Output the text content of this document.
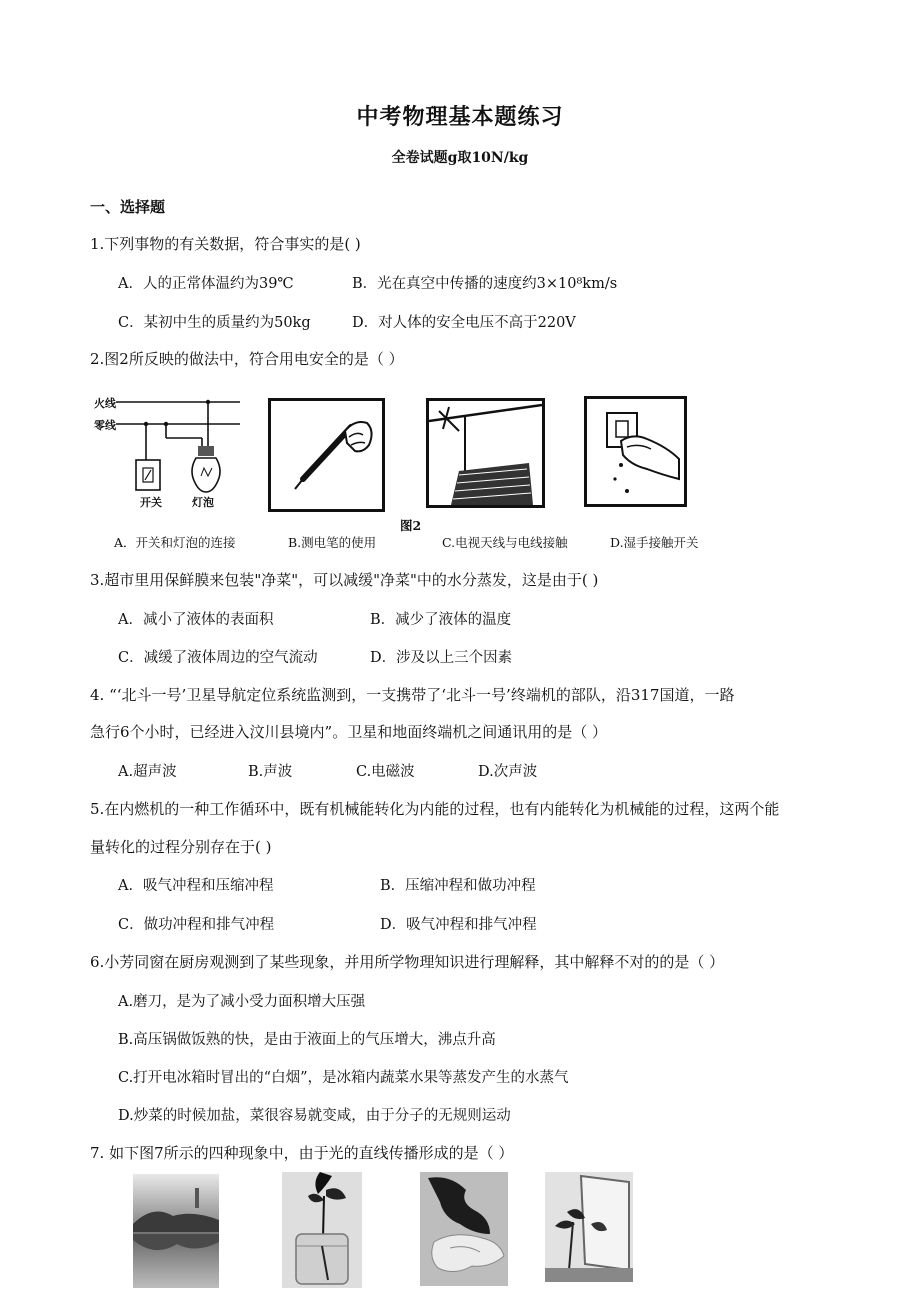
中考物理基本题练习
全卷试题g取10N/kg
一、选择题
1.下列事物的有关数据，符合事实的是( )
A．人的正常体温约为39℃	B．光在真空中传播的速度约3×10⁸km/s
C．某初中生的质量约为50kg	D．对人体的安全电压不高于220V
2.图2所反映的做法中，符合用电安全的是（ ）
火线
零线
开关	灯泡
图2
A．开关和灯泡的连接	B.测电笔的使用	C.电视天线与电线接触	D.湿手接触开关
3.超市里用保鲜膜来包装"净菜"，可以减缓"净菜"中的水分蒸发，这是由于( )
A．减小了液体的表面积	B．减少了液体的温度
C．减缓了液体周边的空气流动	D．涉及以上三个因素
4. “‘北斗一号’卫星导航定位系统监测到，一支携带了‘北斗一号’终端机的部队，沿317国道，一路
急行6个小时，已经进入汶川县境内”。卫星和地面终端机之间通讯用的是（ ）
A.超声波	B.声波	C.电磁波	D.次声波
5.在内燃机的一种工作循环中，既有机械能转化为内能的过程，也有内能转化为机械能的过程，这两个能
量转化的过程分别存在于( )
A．吸气冲程和压缩冲程	B．压缩冲程和做功冲程
C．做功冲程和排气冲程	D．吸气冲程和排气冲程
6.小芳同窗在厨房观测到了某些现象，并用所学物理知识进行理解释，其中解释不对的的是（ ）
A.磨刀，是为了减小受力面积增大压强
B.高压锅做饭熟的快，是由于液面上的气压增大，沸点升高
C.打开电冰箱时冒出的“白烟”，是冰箱内蔬菜水果等蒸发产生的水蒸气
D.炒菜的时候加盐，菜很容易就变咸，由于分子的无规则运动
7. 如下图7所示的四种现象中，由于光的直线传播形成的是（ ）
